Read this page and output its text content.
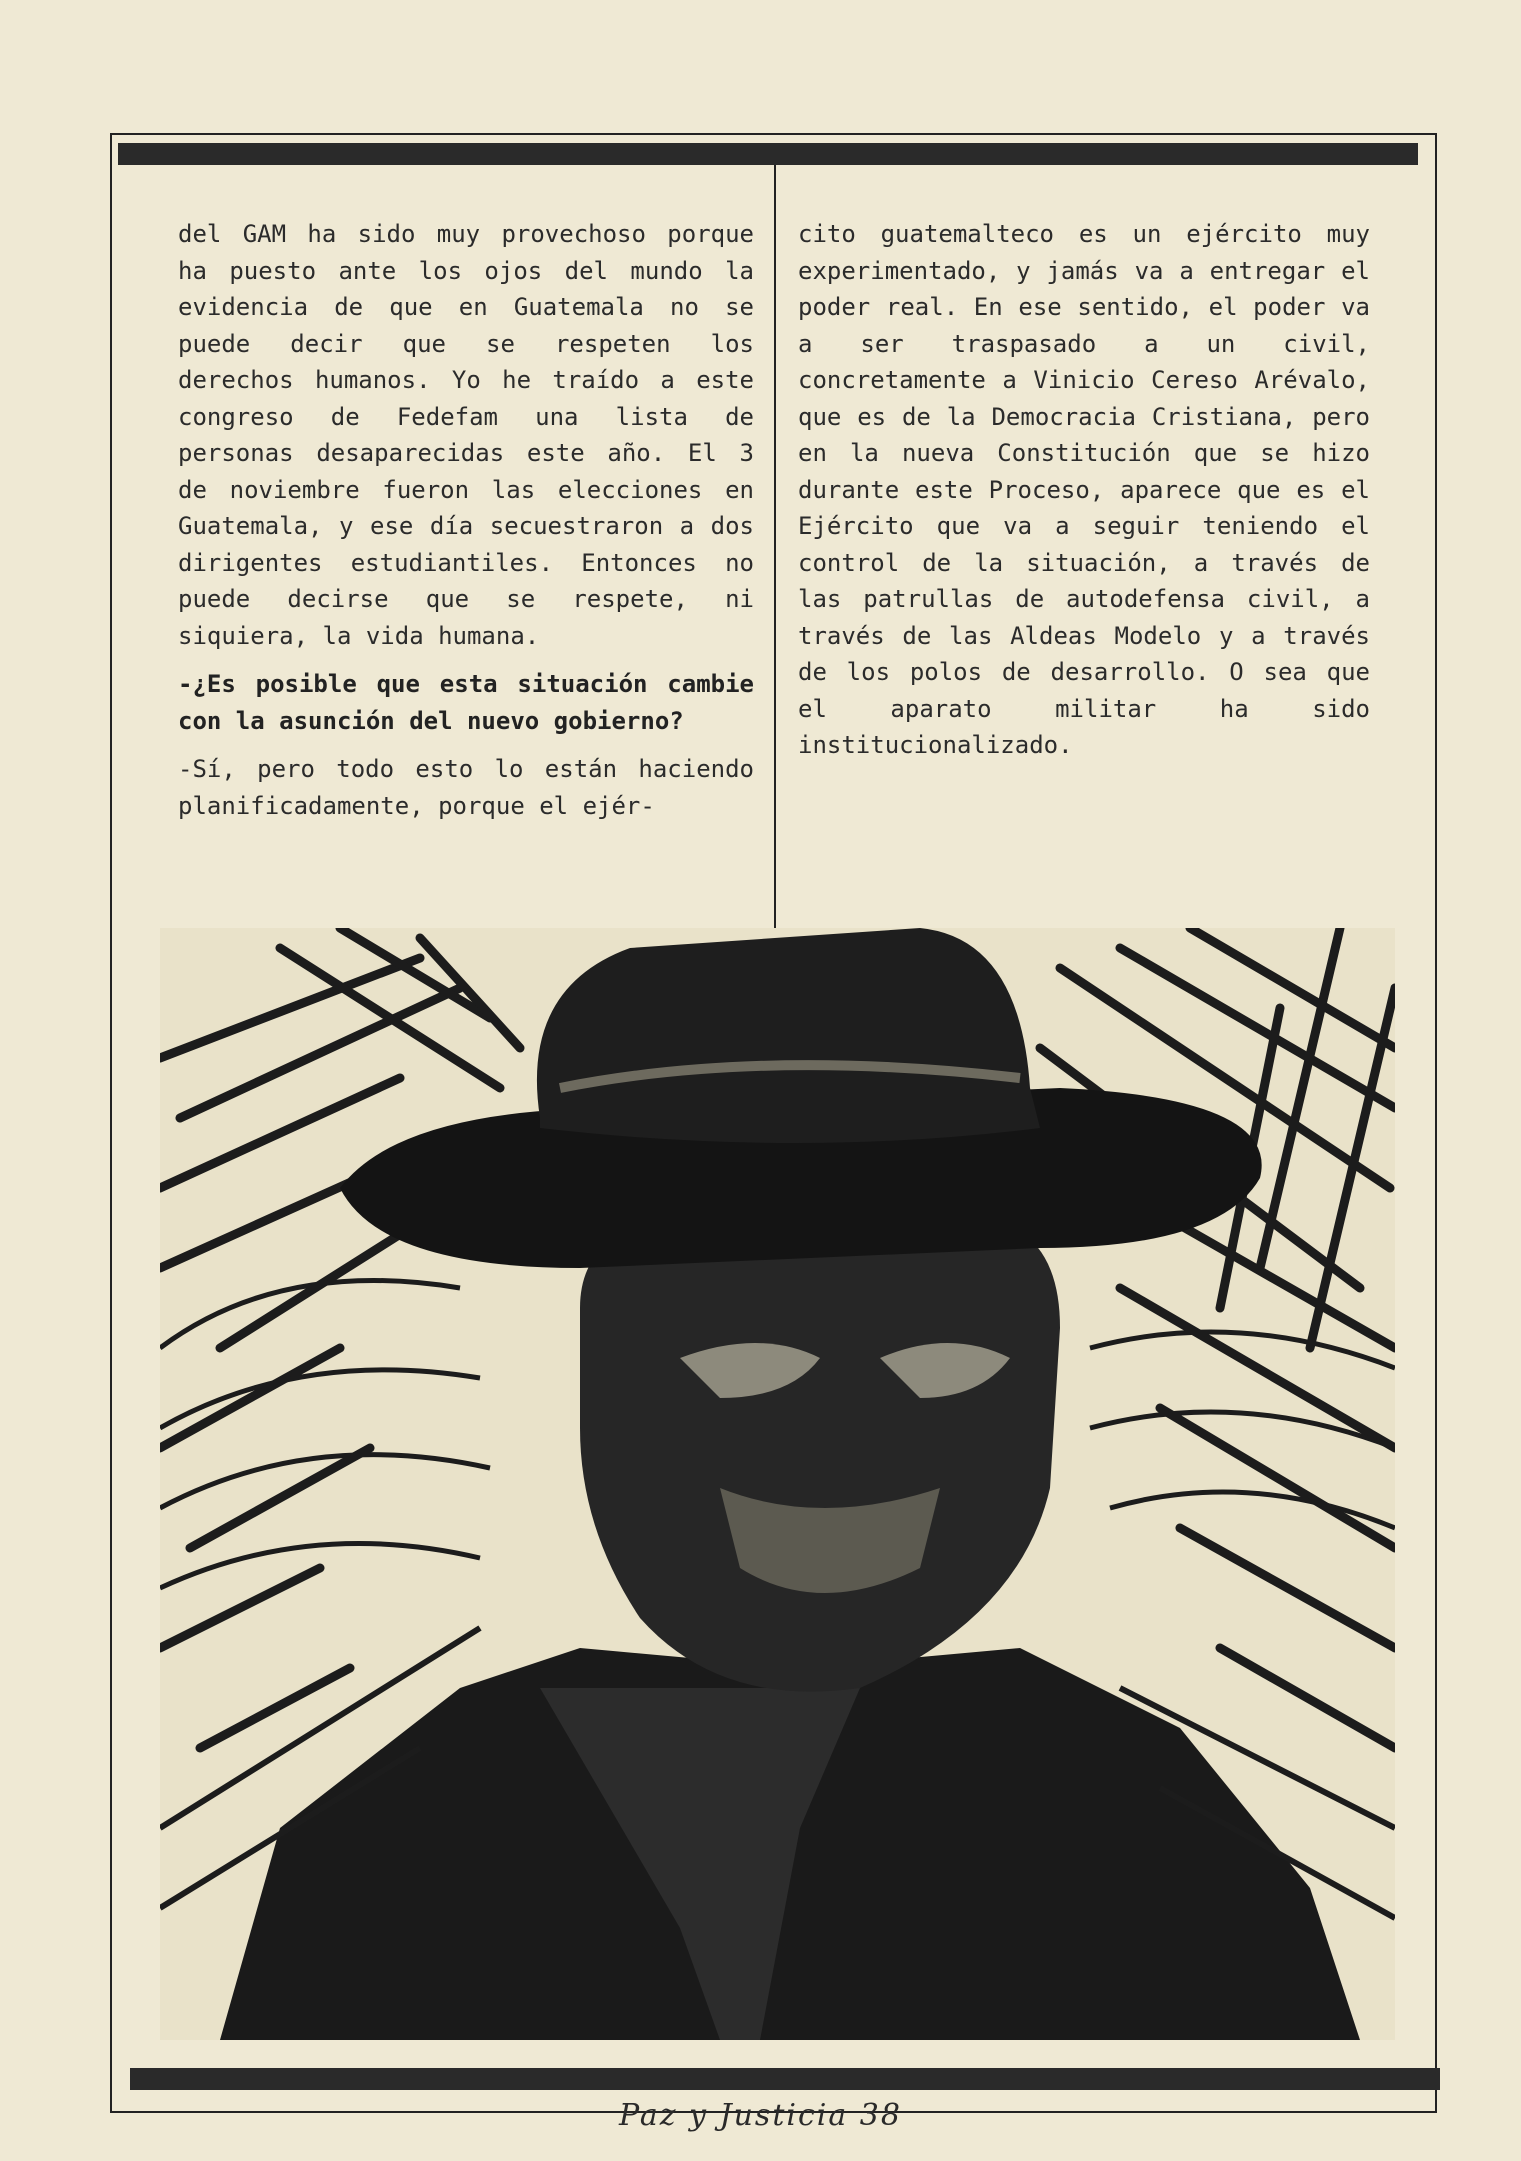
del GAM ha sido muy provechoso porque ha puesto ante los ojos del mundo la evidencia de que en Guatemala no se puede decir que se respeten los derechos humanos. Yo he traído a este congreso de Fedefam una lista de personas desaparecidas este año. El 3 de noviembre fueron las elecciones en Guatemala, y ese día secuestraron a dos dirigentes estudiantiles. Entonces no puede decirse que se respete, ni siquiera, la vida humana.

-¿Es posible que esta situación cambie con la asunción del nuevo gobierno?

-Sí, pero todo esto lo están haciendo planificadamente, porque el ejér-

cito guatemalteco es un ejército muy experimentado, y jamás va a entregar el poder real. En ese sentido, el poder va a ser traspasado a un civil, concretamente a Vinicio Cereso Arévalo, que es de la Democracia Cristiana, pero en la nueva Constitución que se hizo durante este Proceso, aparece que es el Ejército que va a seguir teniendo el control de la situación, a través de las patrullas de autodefensa civil, a través de las Aldeas Modelo y a través de los polos de desarrollo. O sea que el aparato militar ha sido institucionalizado.

Paz y Justicia 38
